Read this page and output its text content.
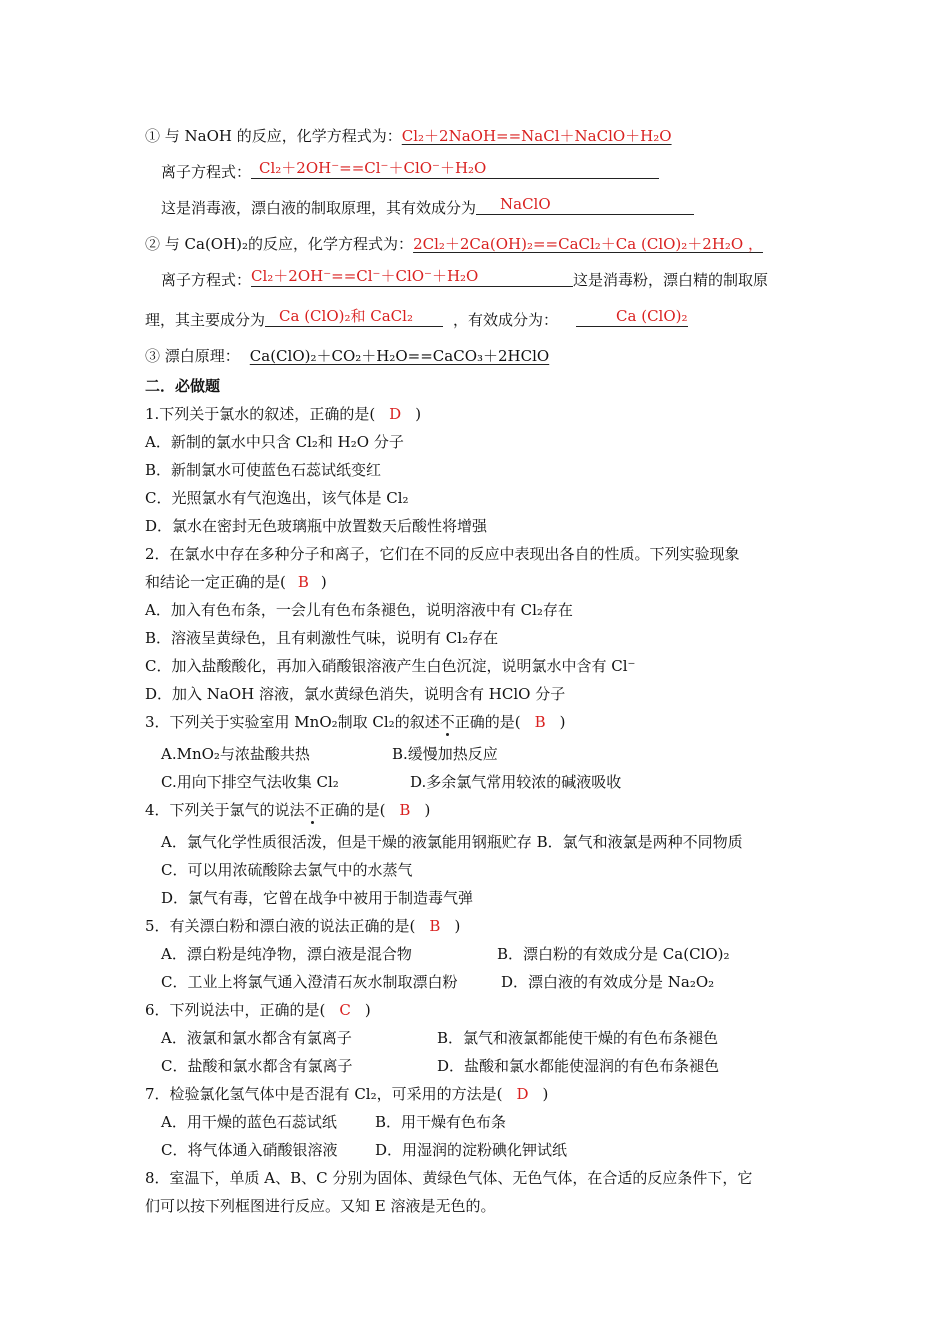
① 与 NaOH 的反应，化学方程式为：Cl₂＋2NaOH==NaCl＋NaClO＋H₂O
离子方程式： Cl₂＋2OH⁻==Cl⁻＋ClO⁻＋H₂O
这是消毒液，漂白液的制取原理，其有效成分为 NaClO
② 与 Ca(OH)₂的反应，化学方程式为：2Cl₂＋2Ca(OH)₂==CaCl₂＋Ca (ClO)₂＋2H₂O ，
离子方程式： Cl₂＋2OH⁻==Cl⁻＋ClO⁻＋H₂O	这是消毒粉，漂白精的制取原
理，其主要成分为 Ca (ClO)₂和 CaCl₂	，有效成分为：	Ca (ClO)₂
③ 漂白原理： Ca(ClO)₂＋CO₂＋H₂O==CaCO₃＋2HClO
二．必做题
1.下列关于氯水的叙述，正确的是( D )
A．新制的氯水中只含 Cl₂和 H₂O 分子
B．新制氯水可使蓝色石蕊试纸变红
C．光照氯水有气泡逸出，该气体是 Cl₂
D．氯水在密封无色玻璃瓶中放置数天后酸性将增强
2．在氯水中存在多种分子和离子，它们在不同的反应中表现出各自的性质。下列实验现象
和结论一定正确的是( B )
A．加入有色布条，一会儿有色布条褪色，说明溶液中有 Cl₂存在
B．溶液呈黄绿色，且有刺激性气味，说明有 Cl₂存在
C．加入盐酸酸化，再加入硝酸银溶液产生白色沉淀，说明氯水中含有 Cl⁻
D．加入 NaOH 溶液，氯水黄绿色消失，说明含有 HClO 分子
3．下列关于实验室用 MnO₂制取 Cl₂的叙述不正确的是( B )
A.MnO₂与浓盐酸共热	B.缓慢加热反应
C.用向下排空气法收集 Cl₂	D.多余氯气常用较浓的碱液吸收
4．下列关于氯气的说法不正确的是( B )
A．氯气化学性质很活泼，但是干燥的液氯能用钢瓶贮存 B．氯气和液氯是两种不同物质
C．可以用浓硫酸除去氯气中的水蒸气
D．氯气有毒，它曾在战争中被用于制造毒气弹
5．有关漂白粉和漂白液的说法正确的是( B )
A．漂白粉是纯净物，漂白液是混合物	B．漂白粉的有效成分是 Ca(ClO)₂
C．工业上将氯气通入澄清石灰水制取漂白粉	D．漂白液的有效成分是 Na₂O₂
6．下列说法中，正确的是( C )
A．液氯和氯水都含有氯离子	B．氯气和液氯都能使干燥的有色布条褪色
C．盐酸和氯水都含有氯离子	D．盐酸和氯水都能使湿润的有色布条褪色
7．检验氯化氢气体中是否混有 Cl₂，可采用的方法是( D )
A．用干燥的蓝色石蕊试纸	B．用干燥有色布条
C．将气体通入硝酸银溶液	D．用湿润的淀粉碘化钾试纸
8．室温下，单质 A、B、C 分别为固体、黄绿色气体、无色气体，在合适的反应条件下，它
们可以按下列框图进行反应。又知 E 溶液是无色的。
